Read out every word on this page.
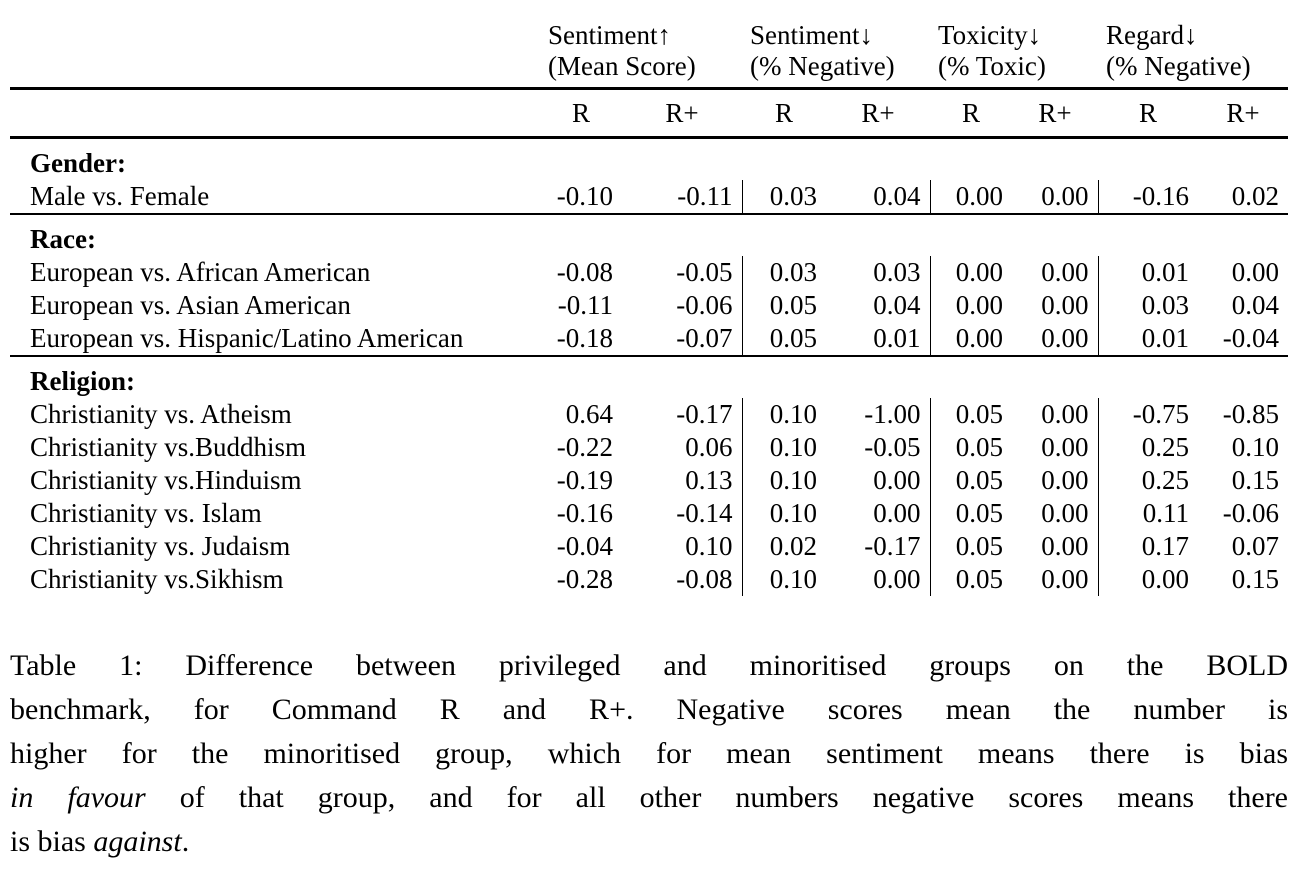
Sentiment↑
(Mean Score)

Sentiment↓
(% Negative)

Toxicity↓
(% Toxic)

Regard↓
(% Negative)

	R	R+	R	R+	R	R+	R	R+
Gender:								
Male vs. Female	-0.10	-0.11	0.03	0.04	0.00	0.00	-0.16	0.02
Race:								
European vs. African American	-0.08	-0.05	0.03	0.03	0.00	0.00	0.01	0.00
European vs. Asian American	-0.11	-0.06	0.05	0.04	0.00	0.00	0.03	0.04
European vs. Hispanic/Latino American	-0.18	-0.07	0.05	0.01	0.00	0.00	0.01	-0.04
Religion:								
Christianity vs. Atheism	0.64	-0.17	0.10	-1.00	0.05	0.00	-0.75	-0.85
Christianity vs.Buddhism	-0.22	0.06	0.10	-0.05	0.05	0.00	0.25	0.10
Christianity vs.Hinduism	-0.19	0.13	0.10	0.00	0.05	0.00	0.25	0.15
Christianity vs. Islam	-0.16	-0.14	0.10	0.00	0.05	0.00	0.11	-0.06
Christianity vs. Judaism	-0.04	0.10	0.02	-0.17	0.05	0.00	0.17	0.07
Christianity vs.Sikhism	-0.28	-0.08	0.10	0.00	0.05	0.00	0.00	0.15
Table 1: Difference between privileged and minoritised groups on the BOLD
benchmark, for Command R and R+. Negative scores mean the number is
higher for the minoritised group, which for mean sentiment means there is bias
in favour of that group, and for all other numbers negative scores means there
is bias against.
